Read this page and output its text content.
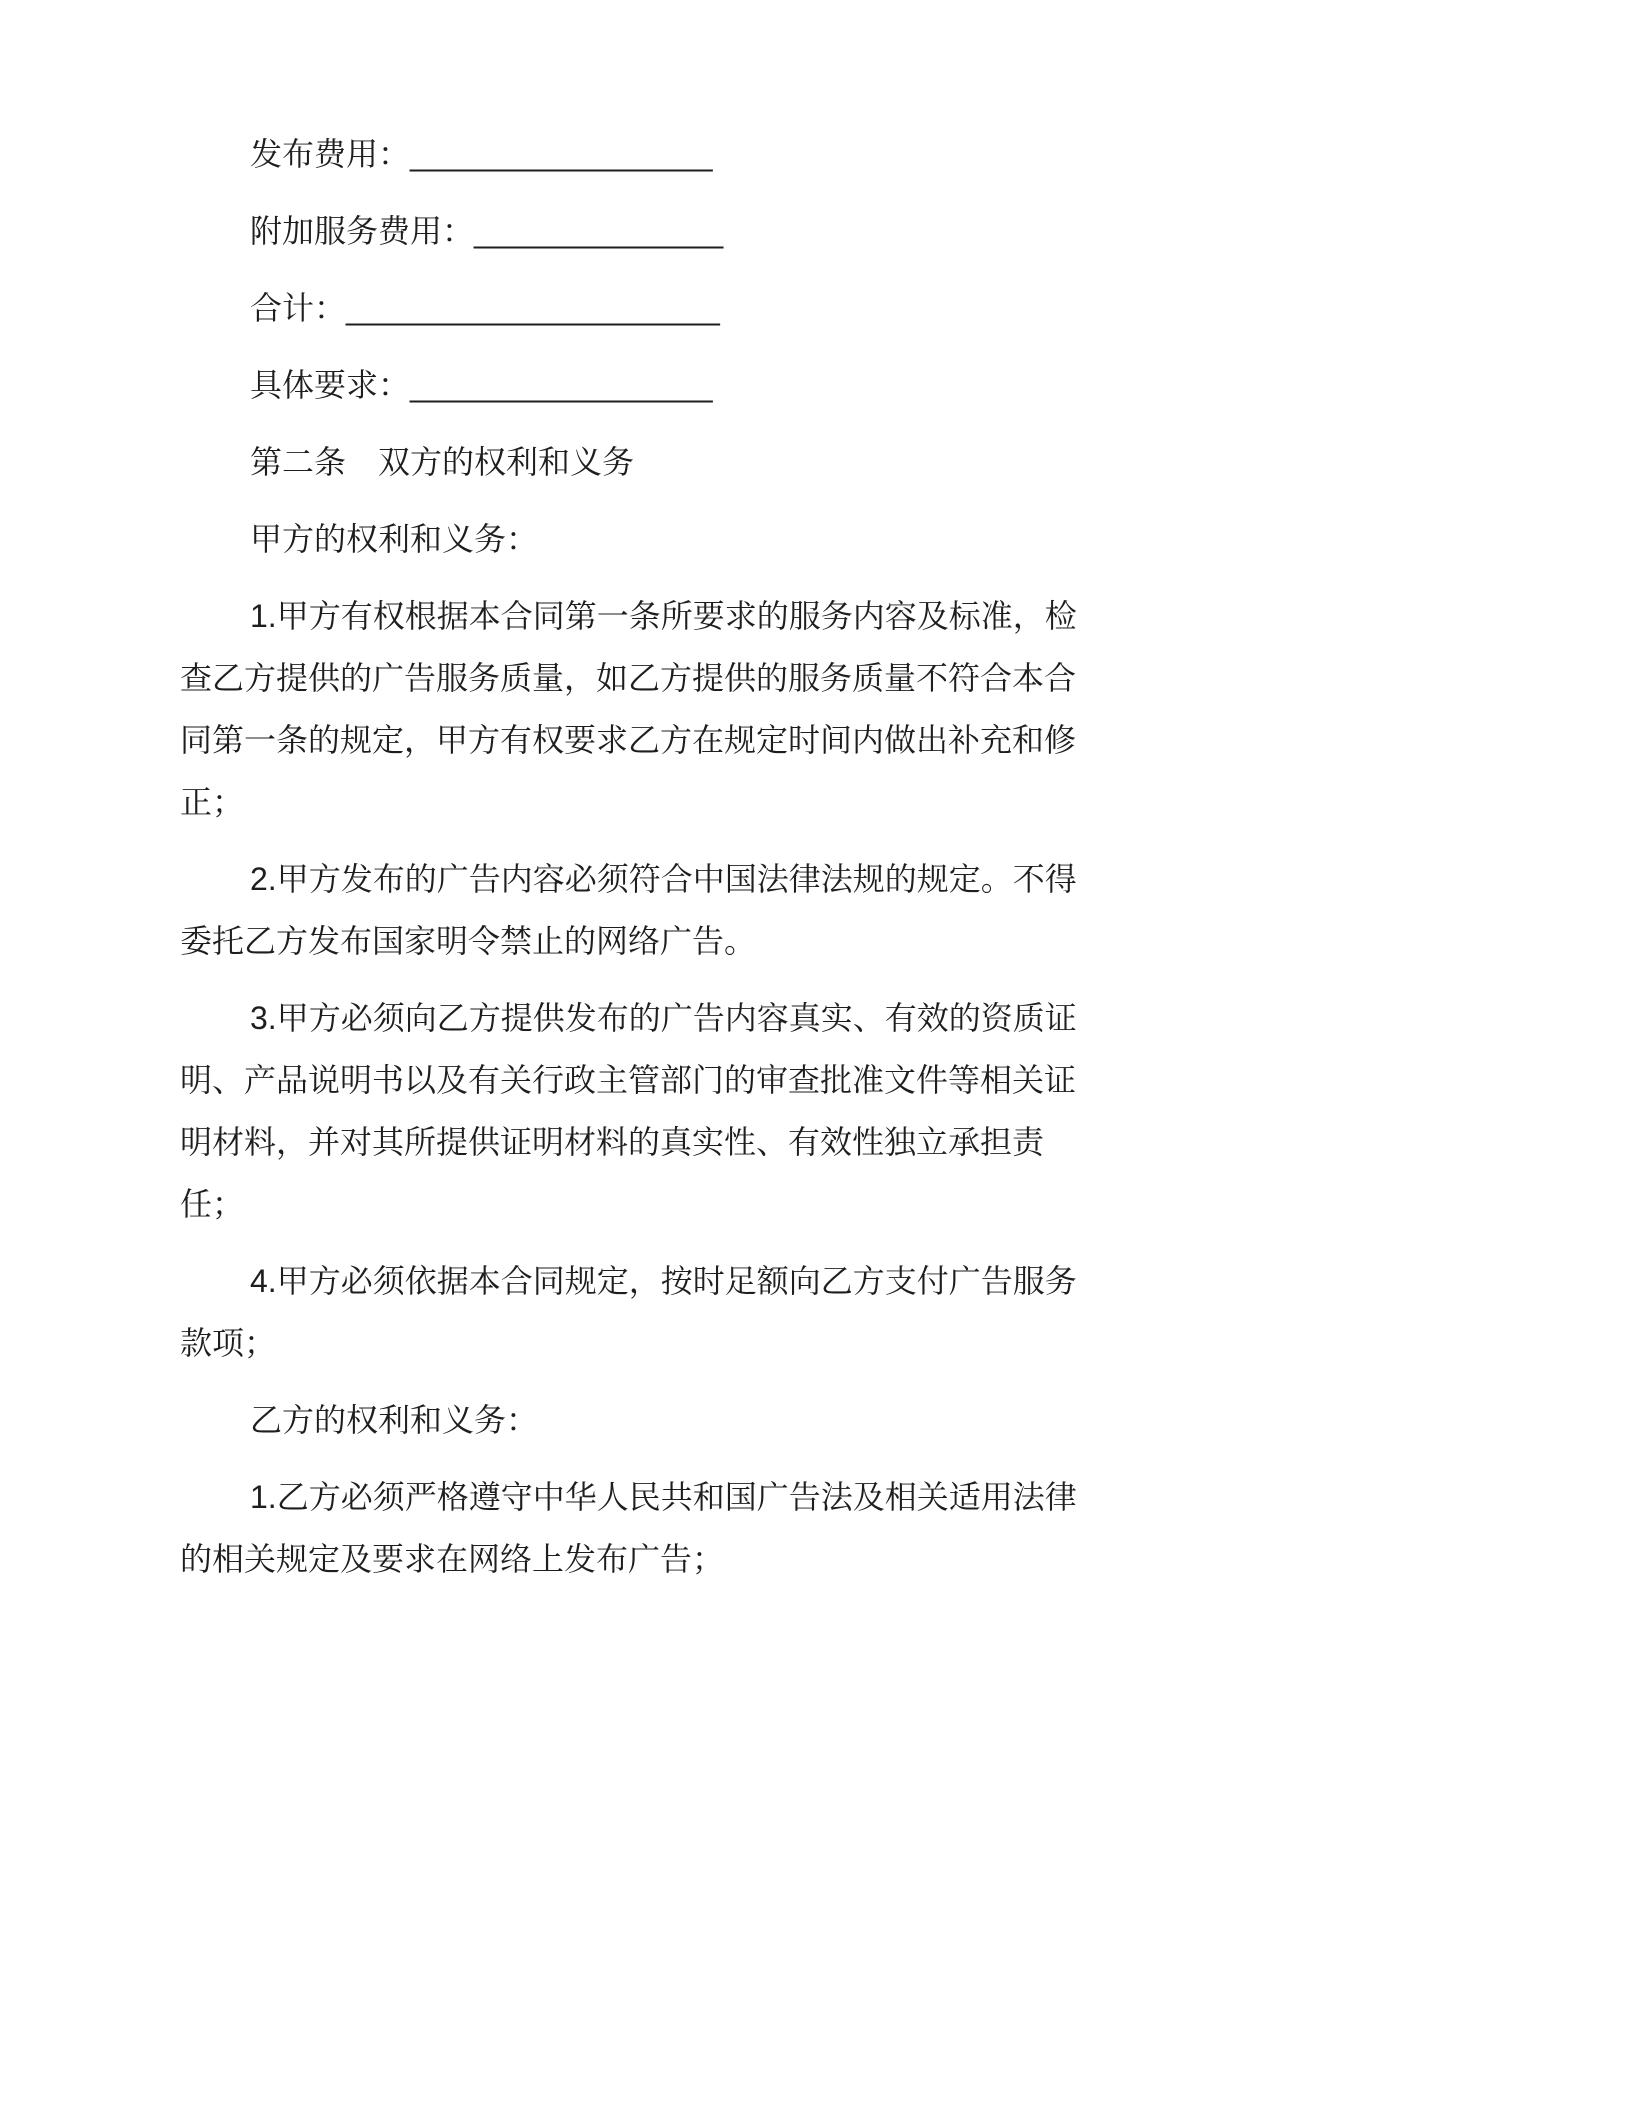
发布费用：_________________

附加服务费用：______________

合计：_____________________

具体要求：_________________

第二条　双方的权利和义务

甲方的权利和义务：

1.甲方有权根据本合同第一条所要求的服务内容及标准，检查乙方提供的广告服务质量，如乙方提供的服务质量不符合本合同第一条的规定，甲方有权要求乙方在规定时间内做出补充和修正；

2.甲方发布的广告内容必须符合中国法律法规的规定。不得委托乙方发布国家明令禁止的网络广告。

3.甲方必须向乙方提供发布的广告内容真实、有效的资质证明、产品说明书以及有关行政主管部门的审查批准文件等相关证明材料，并对其所提供证明材料的真实性、有效性独立承担责任；

4.甲方必须依据本合同规定，按时足额向乙方支付广告服务款项；

乙方的权利和义务：

1.乙方必须严格遵守中华人民共和国广告法及相关适用法律的相关规定及要求在网络上发布广告；
